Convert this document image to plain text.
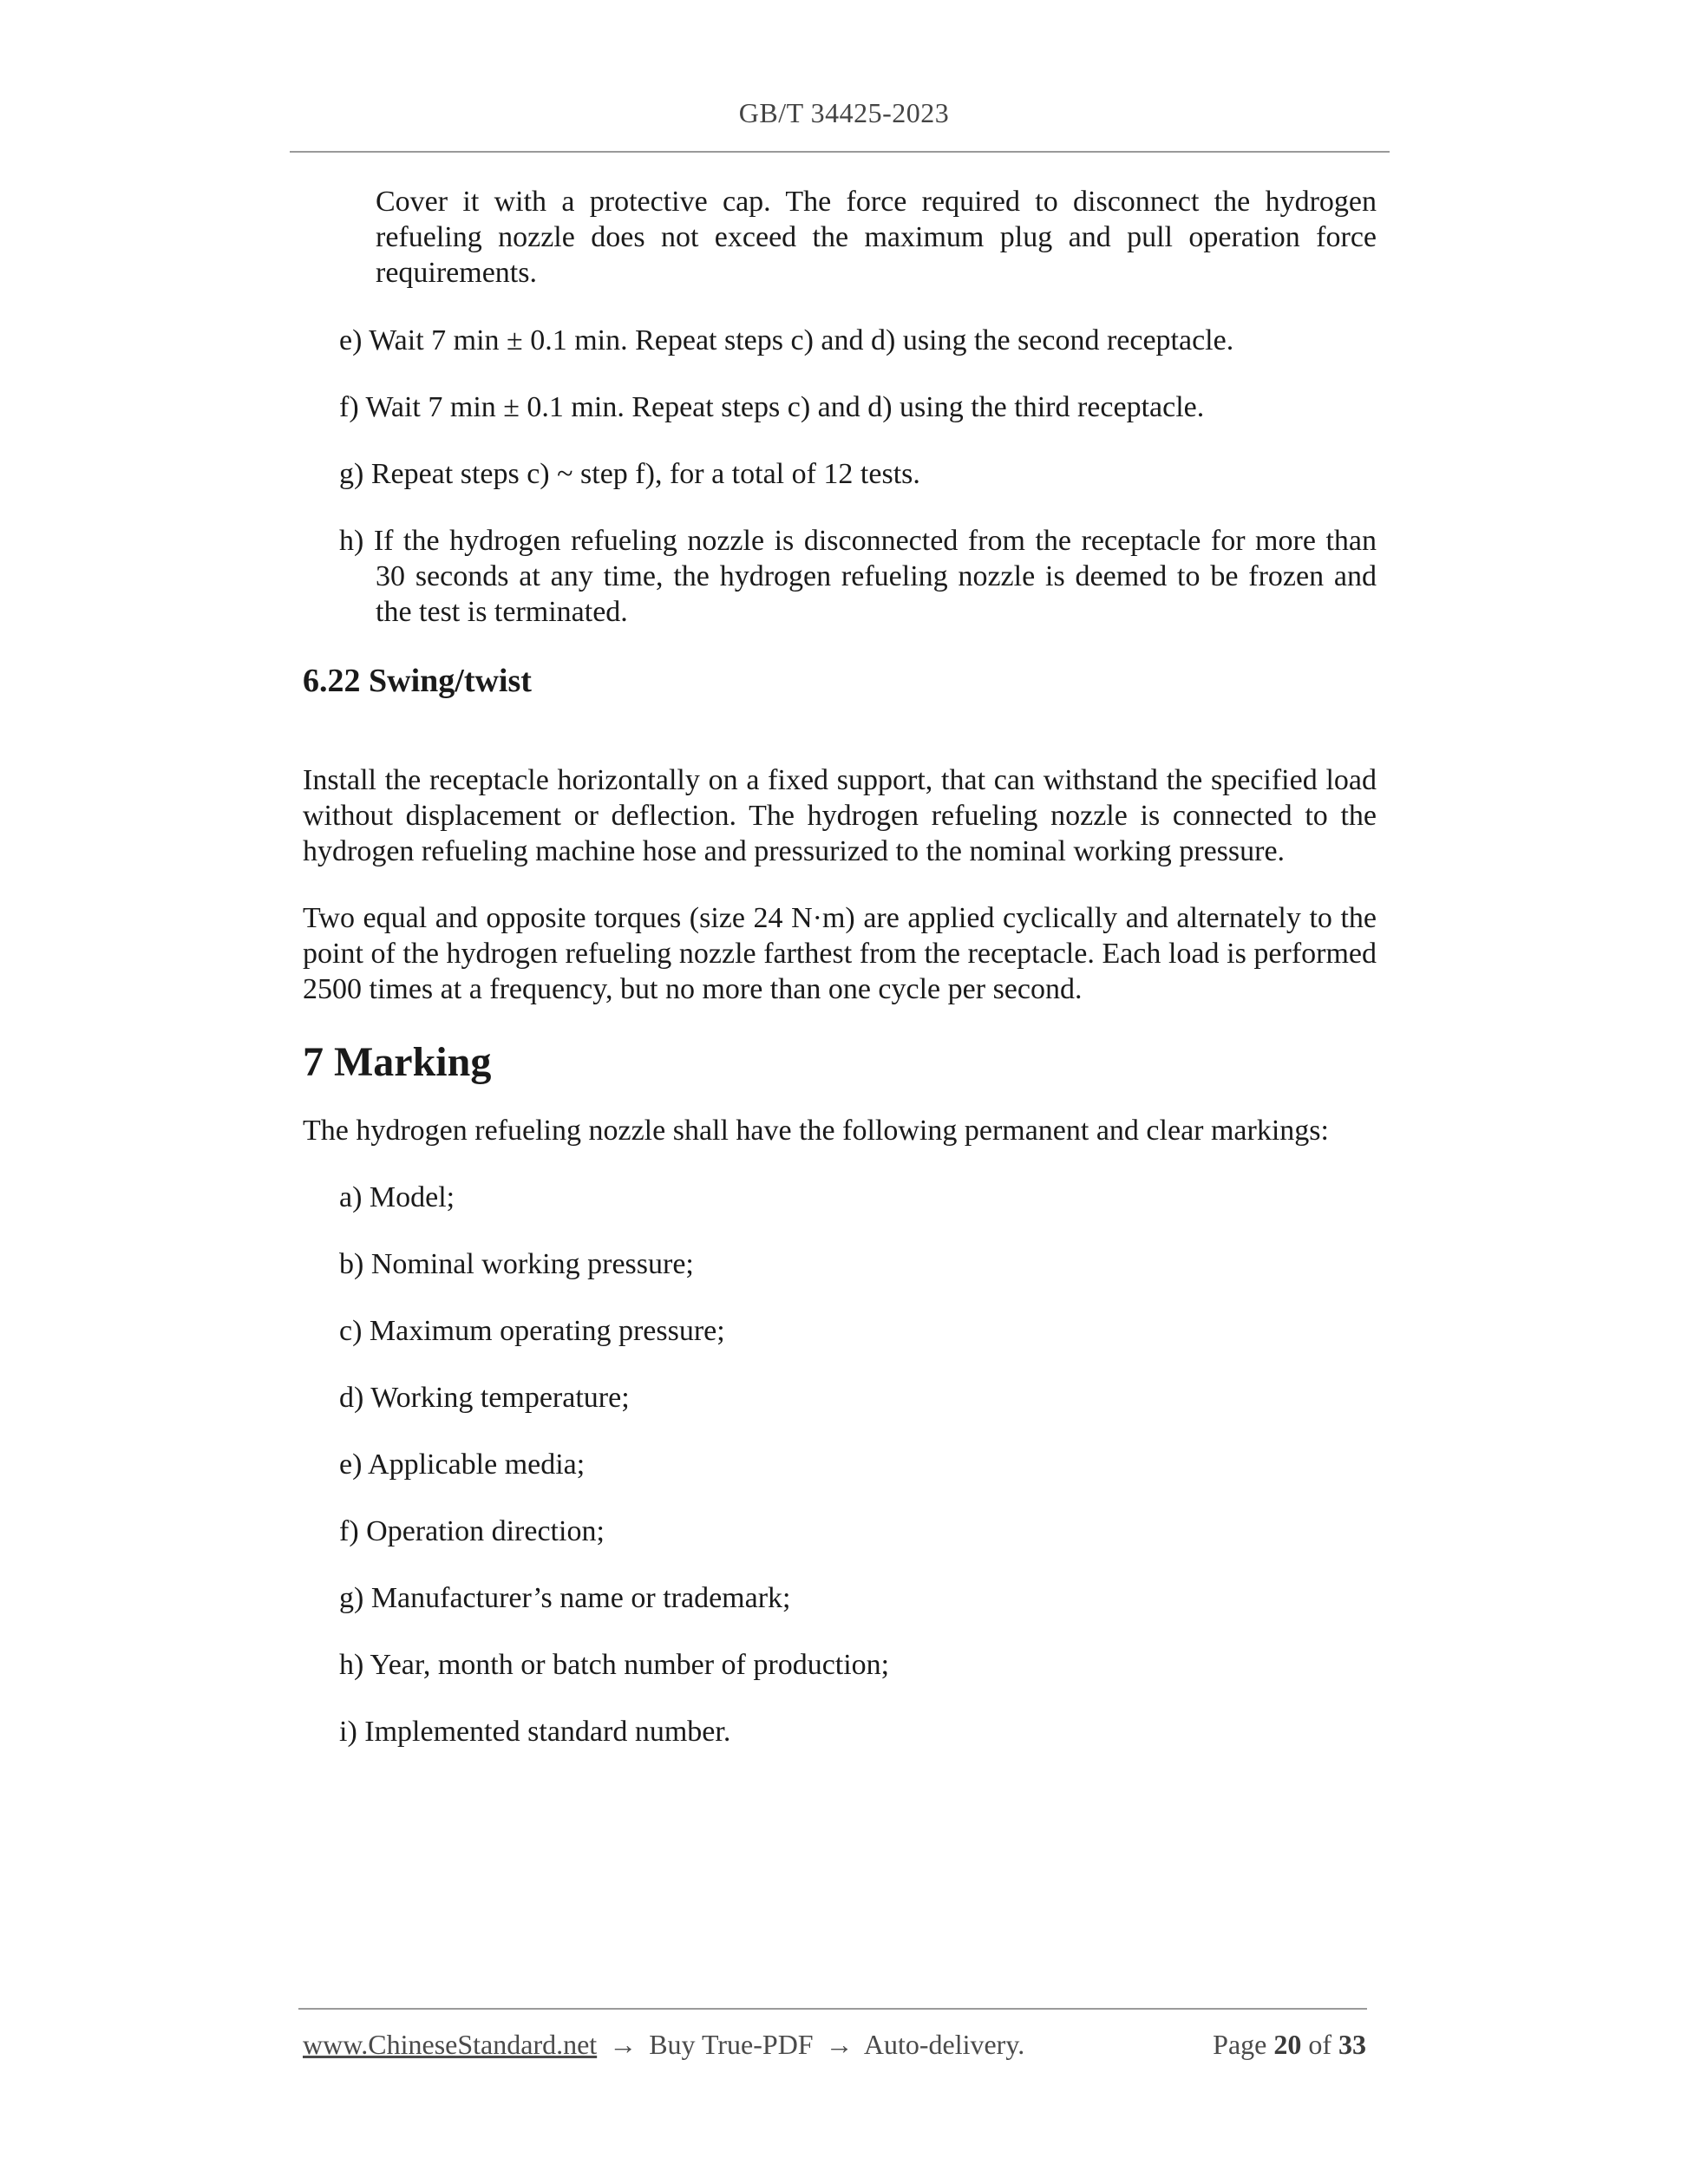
GB/T 34425-2023

Cover it with a protective cap. The force required to disconnect the hydrogen refueling nozzle does not exceed the maximum plug and pull operation force requirements.

e) Wait 7 min ± 0.1 min. Repeat steps c) and d) using the second receptacle.

f) Wait 7 min ± 0.1 min. Repeat steps c) and d) using the third receptacle.

g) Repeat steps c) ~ step f), for a total of 12 tests.

h) If the hydrogen refueling nozzle is disconnected from the receptacle for more than 30 seconds at any time, the hydrogen refueling nozzle is deemed to be frozen and the test is terminated.

6.22 Swing/twist

Install the receptacle horizontally on a fixed support, that can withstand the specified load without displacement or deflection. The hydrogen refueling nozzle is connected to the hydrogen refueling machine hose and pressurized to the nominal working pressure.

Two equal and opposite torques (size 24 N·m) are applied cyclically and alternately to the point of the hydrogen refueling nozzle farthest from the receptacle. Each load is performed 2500 times at a frequency, but no more than one cycle per second.

7 Marking

The hydrogen refueling nozzle shall have the following permanent and clear markings:

a) Model;
b) Nominal working pressure;
c) Maximum operating pressure;
d) Working temperature;
e) Applicable media;
f) Operation direction;
g) Manufacturer’s name or trademark;
h) Year, month or batch number of production;
i) Implemented standard number.
www.ChineseStandard.net → Buy True-PDF → Auto-delivery.	Page 20 of 33
